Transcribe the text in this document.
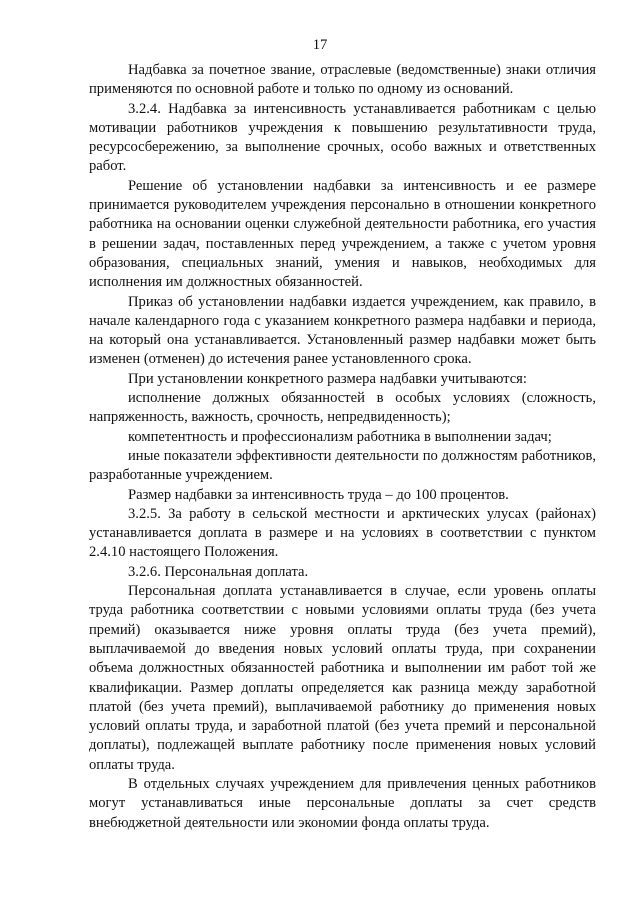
17

Надбавка за почетное звание, отраслевые (ведомственные) знаки отличия применяются по основной работе и только по одному из оснований.

3.2.4. Надбавка за интенсивность устанавливается работникам с целью мотивации работников учреждения к повышению результативности труда, ресурсосбережению, за выполнение срочных, особо важных и ответственных работ.

Решение об установлении надбавки за интенсивность и ее размере принимается руководителем учреждения персонально в отношении конкретного работника на основании оценки служебной деятельности работника, его участия в решении задач, поставленных перед учреждением, а также с учетом уровня образования, специальных знаний, умения и навыков, необходимых для исполнения им должностных обязанностей.

Приказ об установлении надбавки издается учреждением, как правило, в начале календарного года с указанием конкретного размера надбавки и периода, на который она устанавливается. Установленный размер надбавки может быть изменен (отменен) до истечения ранее установленного срока.

При установлении конкретного размера надбавки учитываются:

исполнение должных обязанностей в особых условиях (сложность, напряженность, важность, срочность, непредвиденность);

компетентность и профессионализм работника в выполнении задач;

иные показатели эффективности деятельности по должностям работников, разработанные учреждением.

Размер надбавки за интенсивность труда – до 100 процентов.

3.2.5. За работу в сельской местности и арктических улусах (районах) устанавливается доплата в размере и на условиях в соответствии с пунктом 2.4.10 настоящего Положения.

3.2.6. Персональная доплата.

Персональная доплата устанавливается в случае, если уровень оплаты труда работника соответствии с новыми условиями оплаты труда (без учета премий) оказывается ниже уровня оплаты труда (без учета премий), выплачиваемой до введения новых условий оплаты труда, при сохранении объема должностных обязанностей работника и выполнении им работ той же квалификации. Размер доплаты определяется как разница между заработной платой (без учета премий), выплачиваемой работнику до применения новых условий оплаты труда, и заработной платой (без учета премий и персональной доплаты), подлежащей выплате работнику после применения новых условий оплаты труда.

В отдельных случаях учреждением для привлечения ценных работников могут устанавливаться иные персональные доплаты за счет средств внебюджетной деятельности или экономии фонда оплаты труда.
